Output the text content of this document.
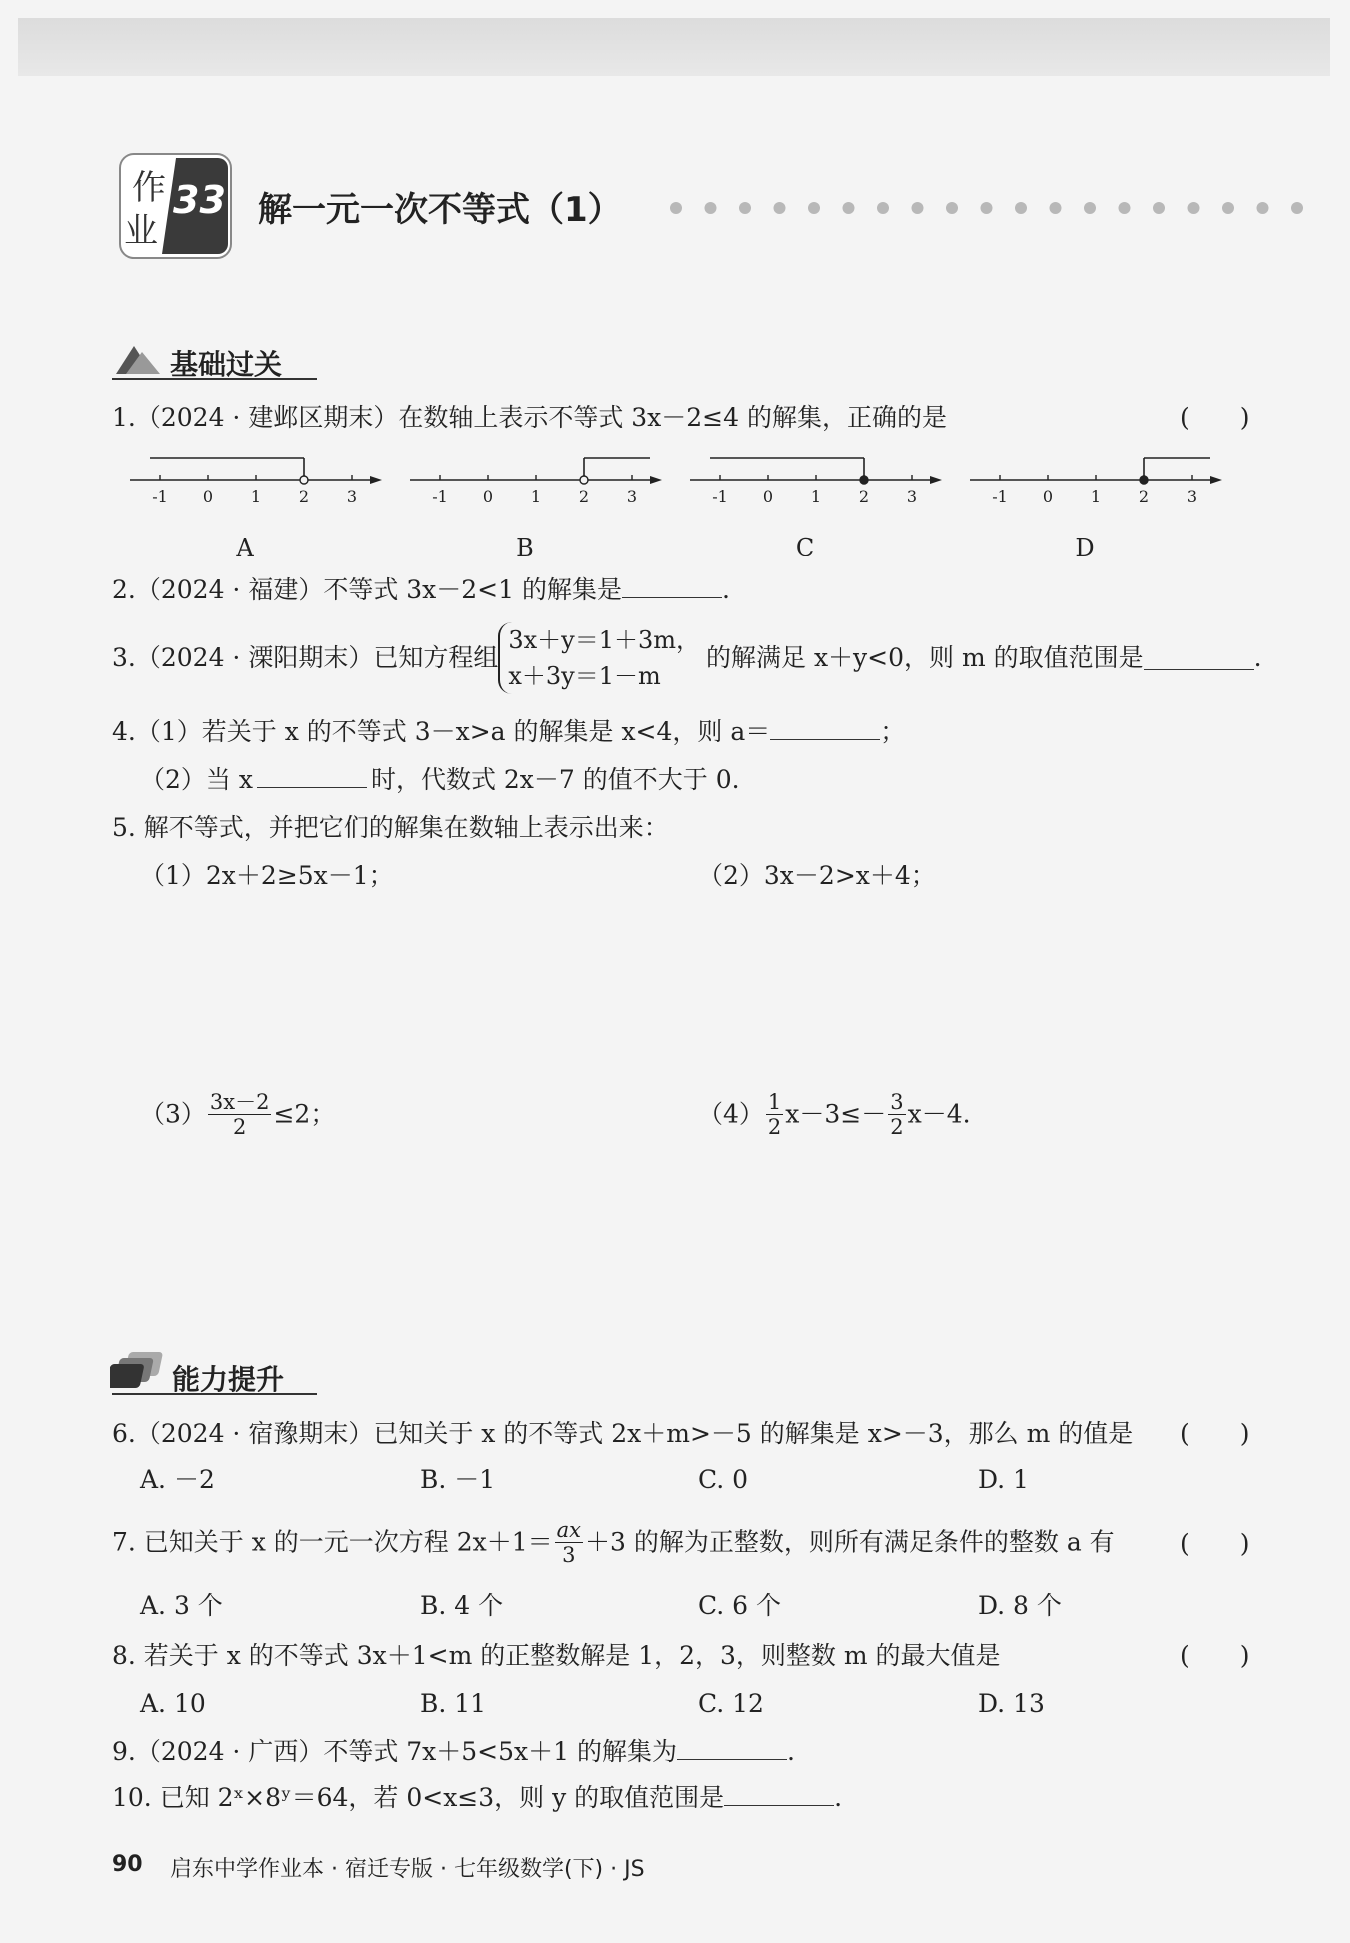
作
业
33 解一元一次不等式（1）
基础过关
1.（2024 · 建邺区期末）在数轴上表示不等式 3x－2≤4 的解集，正确的是	(　　)
-1 0 1 2 3
A
-1 0 1 2 3
B
-1 0 1 2 3
C
-1 0 1 2 3
D
2.（2024 · 福建）不等式 3x－2<1 的解集是	.
3.（2024 · 溧阳期末）已知方程组
3x＋y＝1＋3m，
x＋3y＝1－m
的解满足 x＋y<0，则 m 的取值范围是	.
4.（1）若关于 x 的不等式 3－x>a 的解集是 x<4，则 a＝	；
（2）当 x	时，代数式 2x－7 的值不大于 0.
5. 解不等式，并把它们的解集在数轴上表示出来：
（1）2x＋2≥5x－1；	（2）3x－2>x＋4；
$(3) \frac{3x-2}{2} \le 2$；	$(4) \frac{1}{2} x-3\le- \frac{3}{2} x-4$.
能力提升
6.（2024 · 宿豫期末）已知关于 x 的不等式 2x＋m>－5 的解集是 x>－3，那么 m 的值是 (　　)
A. －2	B. －1	C. 0	D. 1
7. 已知关于 x 的一元一次方程 $2x+1= \frac{ax}{3} +3$ 的解为正整数，则所有满足条件的整数 a 有	(　　)
A. 3 个	B. 4 个	C. 6 个	D. 8 个
8. 若关于 x 的不等式 3x＋1<m 的正整数解是 1，2，3，则整数 m 的最大值是	(　　)
A. 10	B. 11	C. 12	D. 13
9.（2024 · 广西）不等式 7x＋5<5x＋1 的解集为	.
10. 已知 2ˣ×8ʸ＝64，若 0<x≤3，则 y 的取值范围是	.
90 启东中学作业本 · 宿迁专版 · 七年级数学(下) · JS
